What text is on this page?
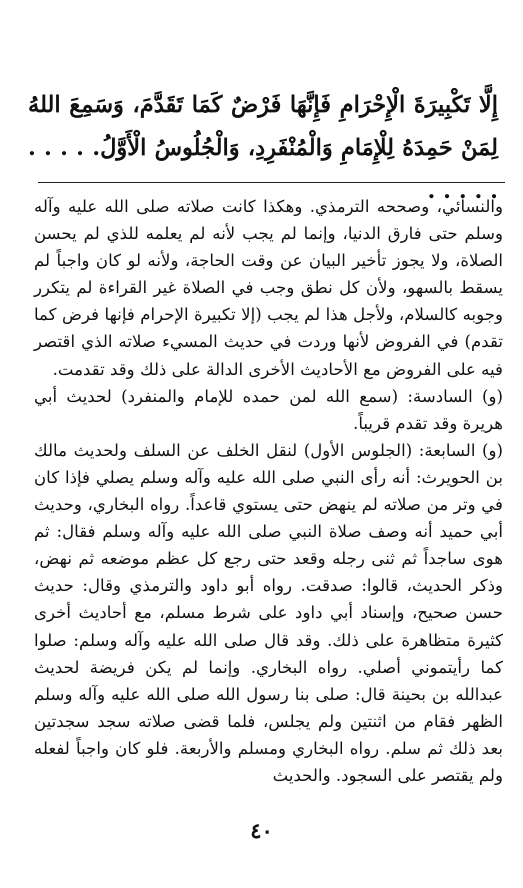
إِلَّا تَكْبِيرَةَ الْإِحْرَامِ فَإِنَّهَا فَرْضٌ كَمَا تَقَدَّمَ، وَسَمِعَ اللهُ لِمَنْ حَمِدَهُ لِلْإِمَامِ وَالْمُنْفَرِدِ، وَالْجُلُوسُ الْأَوَّلُ. . . . . . . . . .

والنسائي، وصححه الترمذي. وهكذا كانت صلاته صلى الله عليه وآله وسلم حتى فارق الدنيا، وإنما لم يجب لأنه لم يعلمه للذي لم يحسن الصلاة، ولا يجوز تأخير البيان عن وقت الحاجة، ولأنه لو كان واجباً لم يسقط بالسهو، ولأن كل نطق وجب في الصلاة غير القراءة لم يتكرر وجوبه كالسلام، ولأجل هذا لم يجب (إلا تكبيرة الإحرام فإنها فرض كما تقدم) في الفروض لأنها وردت في حديث المسيء صلاته الذي اقتصر فيه على الفروض مع الأحاديث الأخرى الدالة على ذلك وقد تقدمت.

(و) السادسة: (سمع الله لمن حمده للإمام والمنفرد) لحديث أبي هريرة وقد تقدم قريباً.

(و) السابعة: (الجلوس الأول) لنقل الخلف عن السلف ولحديث مالك بن الحويرث: أنه رأى النبي صلى الله عليه وآله وسلم يصلي فإذا كان في وتر من صلاته لم ينهض حتى يستوي قاعداً. رواه البخاري، وحديث أبي حميد أنه وصف صلاة النبي صلى الله عليه وآله وسلم فقال: ثم هوى ساجداً ثم ثنى رجله وقعد حتى رجع كل عظم موضعه ثم نهض، وذكر الحديث، قالوا: صدقت. رواه أبو داود والترمذي وقال: حديث حسن صحيح، وإسناد أبي داود على شرط مسلم، مع أحاديث أخرى كثيرة متظاهرة على ذلك. وقد قال صلى الله عليه وآله وسلم: صلوا كما رأيتموني أصلي. رواه البخاري. وإنما لم يكن فريضة لحديث عبدالله بن بحينة قال: صلى بنا رسول الله صلى الله عليه وآله وسلم الظهر فقام من اثنتين ولم يجلس، فلما قضى صلاته سجد سجدتين بعد ذلك ثم سلم. رواه البخاري ومسلم والأربعة. فلو كان واجباً لفعله ولم يقتصر على السجود. والحديث

٤٠
